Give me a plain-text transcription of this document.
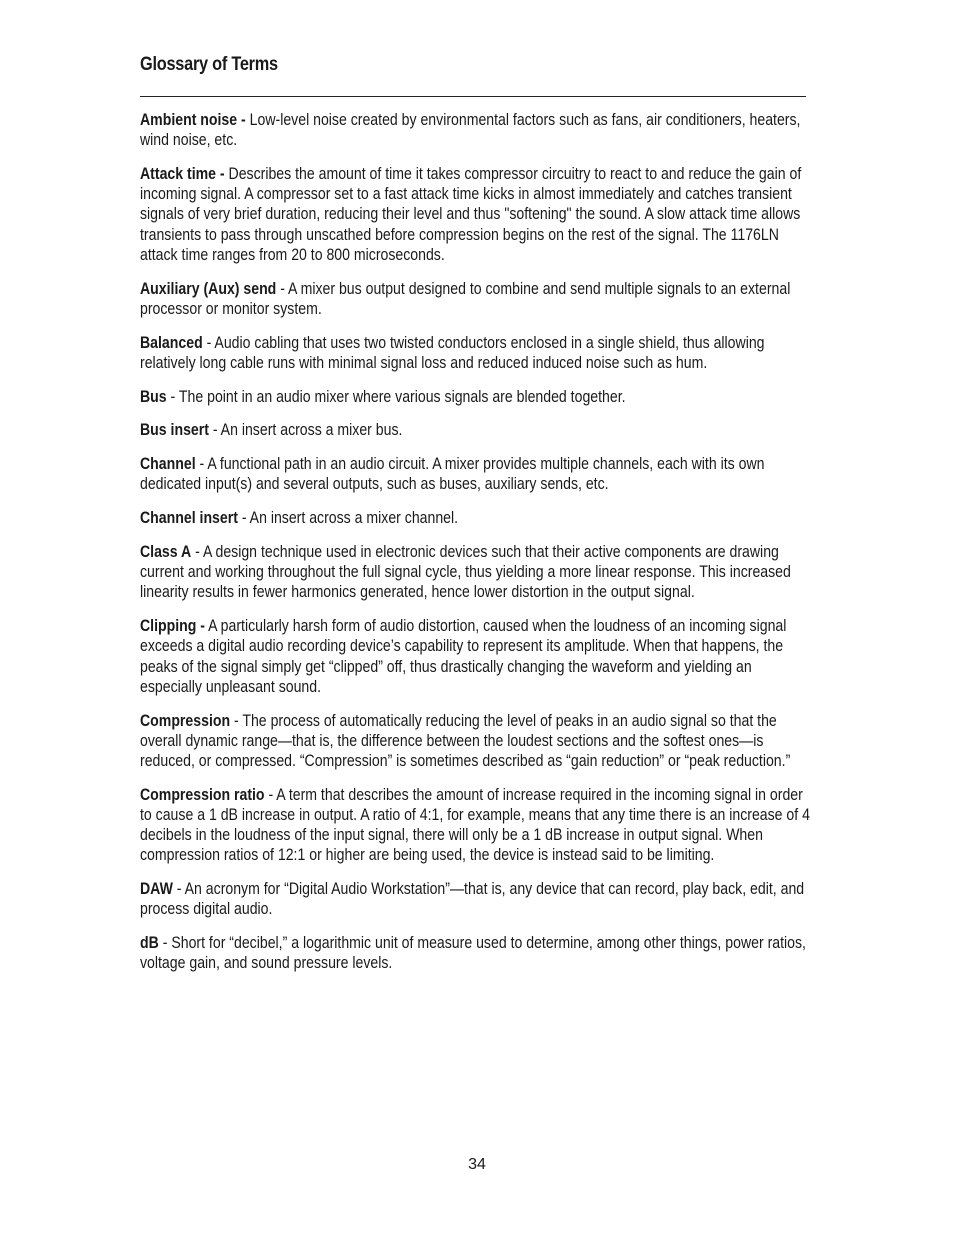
Glossary of Terms

Ambient noise - Low-level noise created by environmental factors such as fans, air conditioners, heaters, wind noise, etc.

Attack time - Describes the amount of time it takes compressor circuitry to react to and reduce the gain of incoming signal. A compressor set to a fast attack time kicks in almost immediately and catches transient signals of very brief duration, reducing their level and thus "softening" the sound. A slow attack time allows transients to pass through unscathed before compression begins on the rest of the signal. The 1176LN attack time ranges from 20 to 800 microseconds.

Auxiliary (Aux) send - A mixer bus output designed to combine and send multiple signals to an external processor or monitor system.

Balanced - Audio cabling that uses two twisted conductors enclosed in a single shield, thus allowing relatively long cable runs with minimal signal loss and reduced induced noise such as hum.

Bus - The point in an audio mixer where various signals are blended together.

Bus insert - An insert across a mixer bus.

Channel - A functional path in an audio circuit. A mixer provides multiple channels, each with its own dedicated input(s) and several outputs, such as buses, auxiliary sends, etc.

Channel insert - An insert across a mixer channel.

Class A - A design technique used in electronic devices such that their active components are drawing current and working throughout the full signal cycle, thus yielding a more linear response. This increased linearity results in fewer harmonics generated, hence lower distortion in the output signal.

Clipping - A particularly harsh form of audio distortion, caused when the loudness of an incoming signal exceeds a digital audio recording device’s capability to represent its amplitude. When that happens, the peaks of the signal simply get “clipped” off, thus drastically changing the waveform and yielding an especially unpleasant sound.

Compression - The process of automatically reducing the level of peaks in an audio signal so that the overall dynamic range—that is, the difference between the loudest sections and the softest ones—is reduced, or compressed. “Compression” is sometimes described as “gain reduction” or “peak reduction.”

Compression ratio - A term that describes the amount of increase required in the incoming signal in order to cause a 1 dB increase in output. A ratio of 4:1, for example, means that any time there is an increase of 4 decibels in the loudness of the input signal, there will only be a 1 dB increase in output signal. When compression ratios of 12:1 or higher are being used, the device is instead said to be limiting.

DAW - An acronym for “Digital Audio Workstation”—that is, any device that can record, play back, edit, and process digital audio.

dB - Short for “decibel,” a logarithmic unit of measure used to determine, among other things, power ratios, voltage gain, and sound pressure levels.

34
